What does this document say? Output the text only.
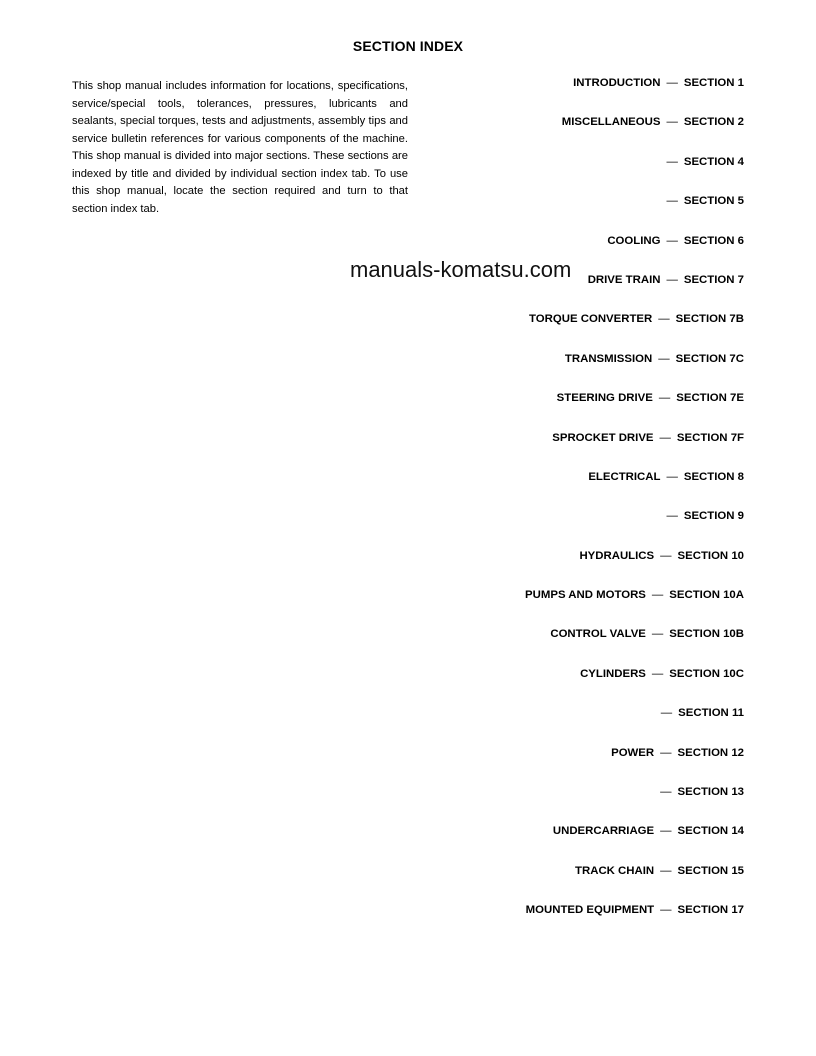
SECTION INDEX

This shop manual includes information for locations, specifications, service/special tools, tolerances, pressures, lubricants and sealants, special torques, tests and adjustments, assembly tips and service bulletin references for various components of the machine. This shop manual is divided into major sections. These sections are indexed by title and divided by individual section index tab. To use this shop manual, locate the section required and turn to that section index tab.

INTRODUCTION — SECTION 1
MISCELLANEOUS — SECTION 2
— SECTION 4
— SECTION 5
COOLING — SECTION 6
DRIVE TRAIN — SECTION 7
TORQUE CONVERTER — SECTION 7B
TRANSMISSION — SECTION 7C
STEERING DRIVE — SECTION 7E
SPROCKET DRIVE — SECTION 7F
ELECTRICAL — SECTION 8
— SECTION 9
HYDRAULICS — SECTION 10
PUMPS AND MOTORS — SECTION 10A
CONTROL VALVE — SECTION 10B
CYLINDERS — SECTION 10C
— SECTION 11
POWER — SECTION 12
— SECTION 13
UNDERCARRIAGE — SECTION 14
TRACK CHAIN — SECTION 15
MOUNTED EQUIPMENT — SECTION 17
manuals-komatsu.com
